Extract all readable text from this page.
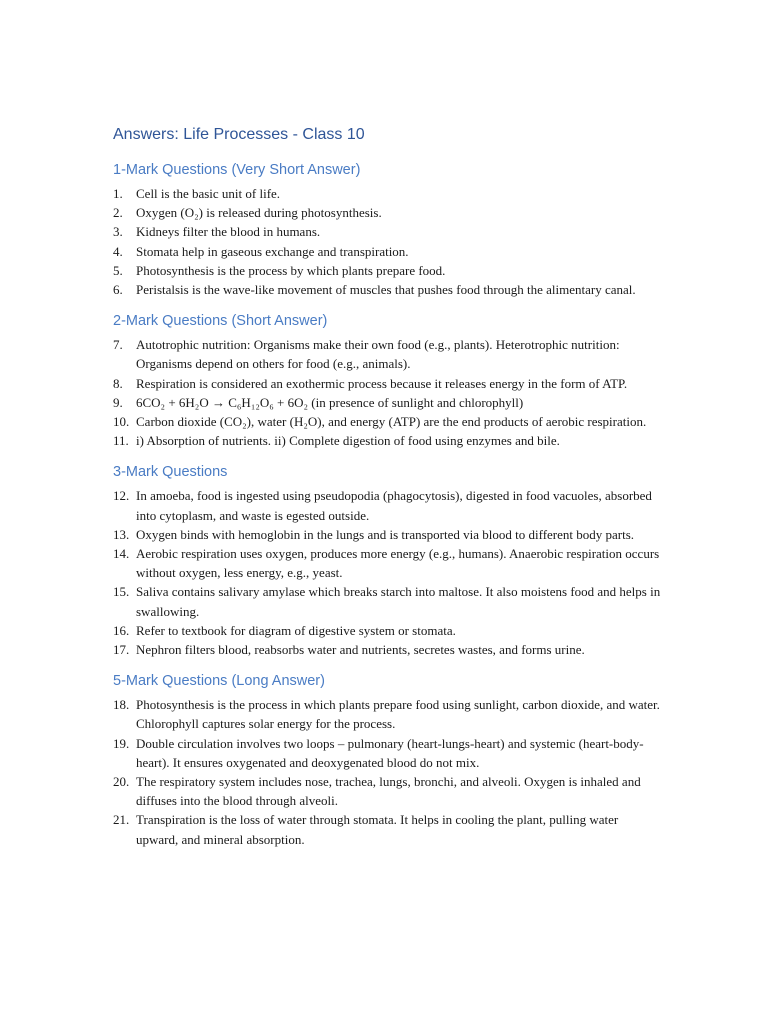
Answers: Life Processes - Class 10
1-Mark Questions (Very Short Answer)
1.	Cell is the basic unit of life.
2.	Oxygen (O₂) is released during photosynthesis.
3.	Kidneys filter the blood in humans.
4.	Stomata help in gaseous exchange and transpiration.
5.	Photosynthesis is the process by which plants prepare food.
6.	Peristalsis is the wave-like movement of muscles that pushes food through the alimentary canal.
2-Mark Questions (Short Answer)
7.	Autotrophic nutrition: Organisms make their own food (e.g., plants). Heterotrophic nutrition: Organisms depend on others for food (e.g., animals).
8.	Respiration is considered an exothermic process because it releases energy in the form of ATP.
9.	6CO₂ + 6H₂O → C₆H₁₂O₆ + 6O₂ (in presence of sunlight and chlorophyll)
10. Carbon dioxide (CO₂), water (H₂O), and energy (ATP) are the end products of aerobic respiration.
11. i) Absorption of nutrients. ii) Complete digestion of food using enzymes and bile.
3-Mark Questions
12. In amoeba, food is ingested using pseudopodia (phagocytosis), digested in food vacuoles, absorbed into cytoplasm, and waste is egested outside.
13. Oxygen binds with hemoglobin in the lungs and is transported via blood to different body parts.
14. Aerobic respiration uses oxygen, produces more energy (e.g., humans). Anaerobic respiration occurs without oxygen, less energy, e.g., yeast.
15. Saliva contains salivary amylase which breaks starch into maltose. It also moistens food and helps in swallowing.
16. Refer to textbook for diagram of digestive system or stomata.
17. Nephron filters blood, reabsorbs water and nutrients, secretes wastes, and forms urine.
5-Mark Questions (Long Answer)
18. Photosynthesis is the process in which plants prepare food using sunlight, carbon dioxide, and water. Chlorophyll captures solar energy for the process.
19. Double circulation involves two loops – pulmonary (heart-lungs-heart) and systemic (heart-body-heart). It ensures oxygenated and deoxygenated blood do not mix.
20. The respiratory system includes nose, trachea, lungs, bronchi, and alveoli. Oxygen is inhaled and diffuses into the blood through alveoli.
21. Transpiration is the loss of water through stomata. It helps in cooling the plant, pulling water upward, and mineral absorption.
